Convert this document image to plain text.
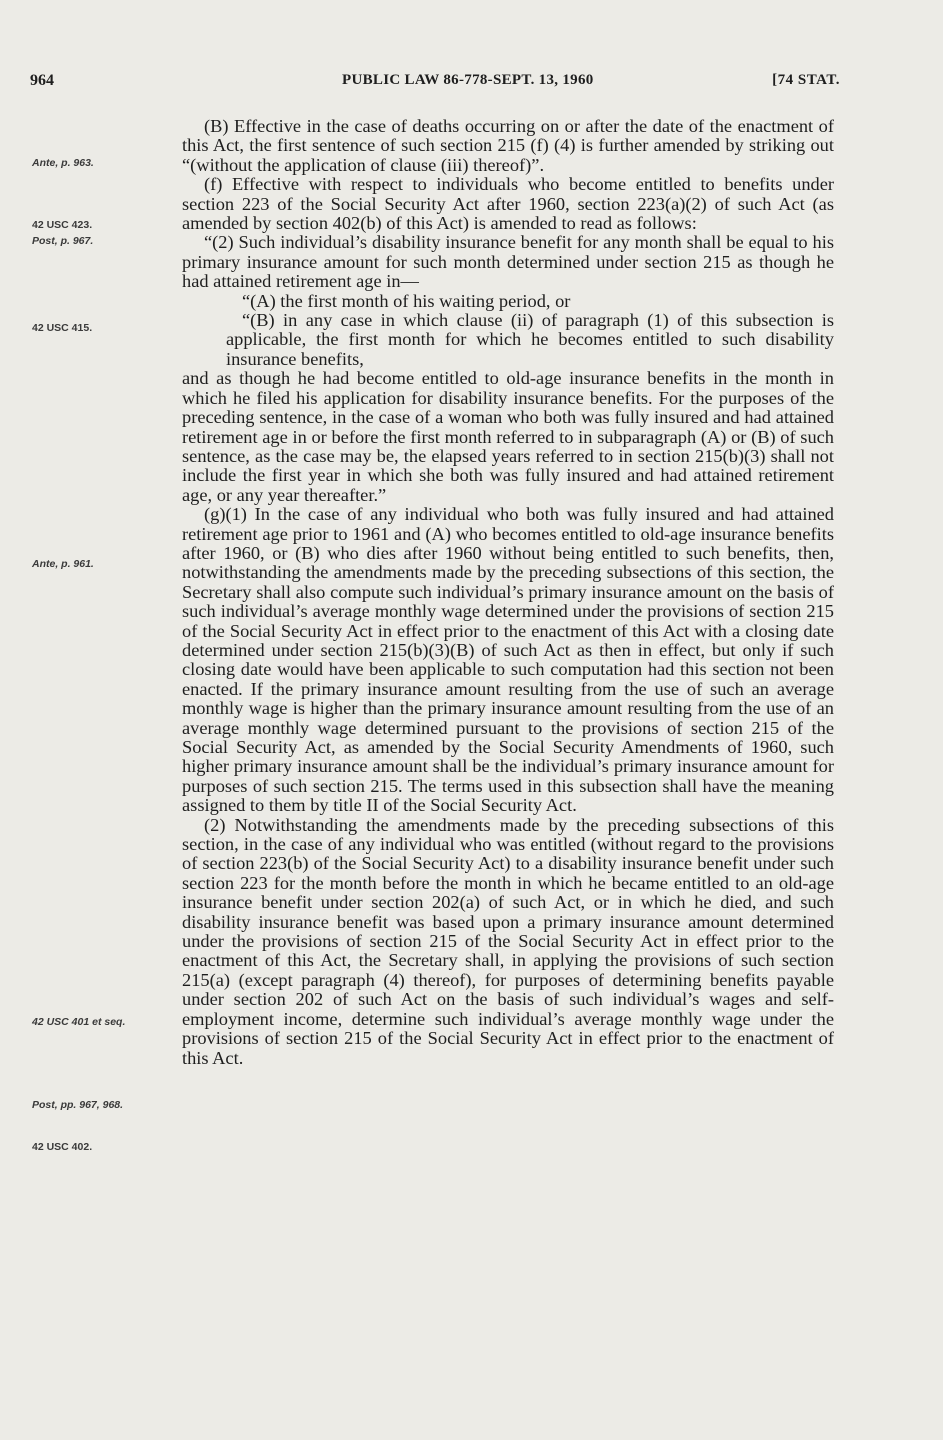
964	PUBLIC LAW 86-778-SEPT. 13, 1960	[74 STAT.
Ante, p. 963.
42 USC 423.
Post, p. 967.
42 USC 415.
Ante, p. 961.
42 USC 401 et seq.
Post, pp. 967, 968.
42 USC 402.

(B) Effective in the case of deaths occurring on or after the date of the enactment of this Act, the first sentence of such section 215 (f) (4) is further amended by striking out “(without the application of clause (iii) thereof)”.

(f) Effective with respect to individuals who become entitled to benefits under section 223 of the Social Security Act after 1960, section 223(a)(2) of such Act (as amended by section 402(b) of this Act) is amended to read as follows:

“(2) Such individual’s disability insurance benefit for any month shall be equal to his primary insurance amount for such month determined under section 215 as though he had attained retirement age in—

“(A) the first month of his waiting period, or

“(B) in any case in which clause (ii) of paragraph (1) of this subsection is applicable, the first month for which he becomes entitled to such disability insurance benefits,

and as though he had become entitled to old-age insurance benefits in the month in which he filed his application for disability insurance benefits. For the purposes of the preceding sentence, in the case of a woman who both was fully insured and had attained retirement age in or before the first month referred to in subparagraph (A) or (B) of such sentence, as the case may be, the elapsed years referred to in section 215(b)(3) shall not include the first year in which she both was fully insured and had attained retirement age, or any year thereafter.”

(g)(1) In the case of any individual who both was fully insured and had attained retirement age prior to 1961 and (A) who becomes entitled to old-age insurance benefits after 1960, or (B) who dies after 1960 without being entitled to such benefits, then, notwithstanding the amendments made by the preceding subsections of this section, the Secretary shall also compute such individual’s primary insurance amount on the basis of such individual’s average monthly wage determined under the provisions of section 215 of the Social Security Act in effect prior to the enactment of this Act with a closing date determined under section 215(b)(3)(B) of such Act as then in effect, but only if such closing date would have been applicable to such computation had this section not been enacted. If the primary insurance amount resulting from the use of such an average monthly wage is higher than the primary insurance amount resulting from the use of an average monthly wage determined pursuant to the provisions of section 215 of the Social Security Act, as amended by the Social Security Amendments of 1960, such higher primary insurance amount shall be the individual’s primary insurance amount for purposes of such section 215. The terms used in this subsection shall have the meaning assigned to them by title II of the Social Security Act.

(2) Notwithstanding the amendments made by the preceding subsections of this section, in the case of any individual who was entitled (without regard to the provisions of section 223(b) of the Social Security Act) to a disability insurance benefit under such section 223 for the month before the month in which he became entitled to an old-age insurance benefit under section 202(a) of such Act, or in which he died, and such disability insurance benefit was based upon a primary insurance amount determined under the provisions of section 215 of the Social Security Act in effect prior to the enactment of this Act, the Secretary shall, in applying the provisions of such section 215(a) (except paragraph (4) thereof), for purposes of determining benefits payable under section 202 of such Act on the basis of such individual’s wages and self-employment income, determine such individual’s average monthly wage under the provisions of section 215 of the Social Security Act in effect prior to the enactment of this Act.
